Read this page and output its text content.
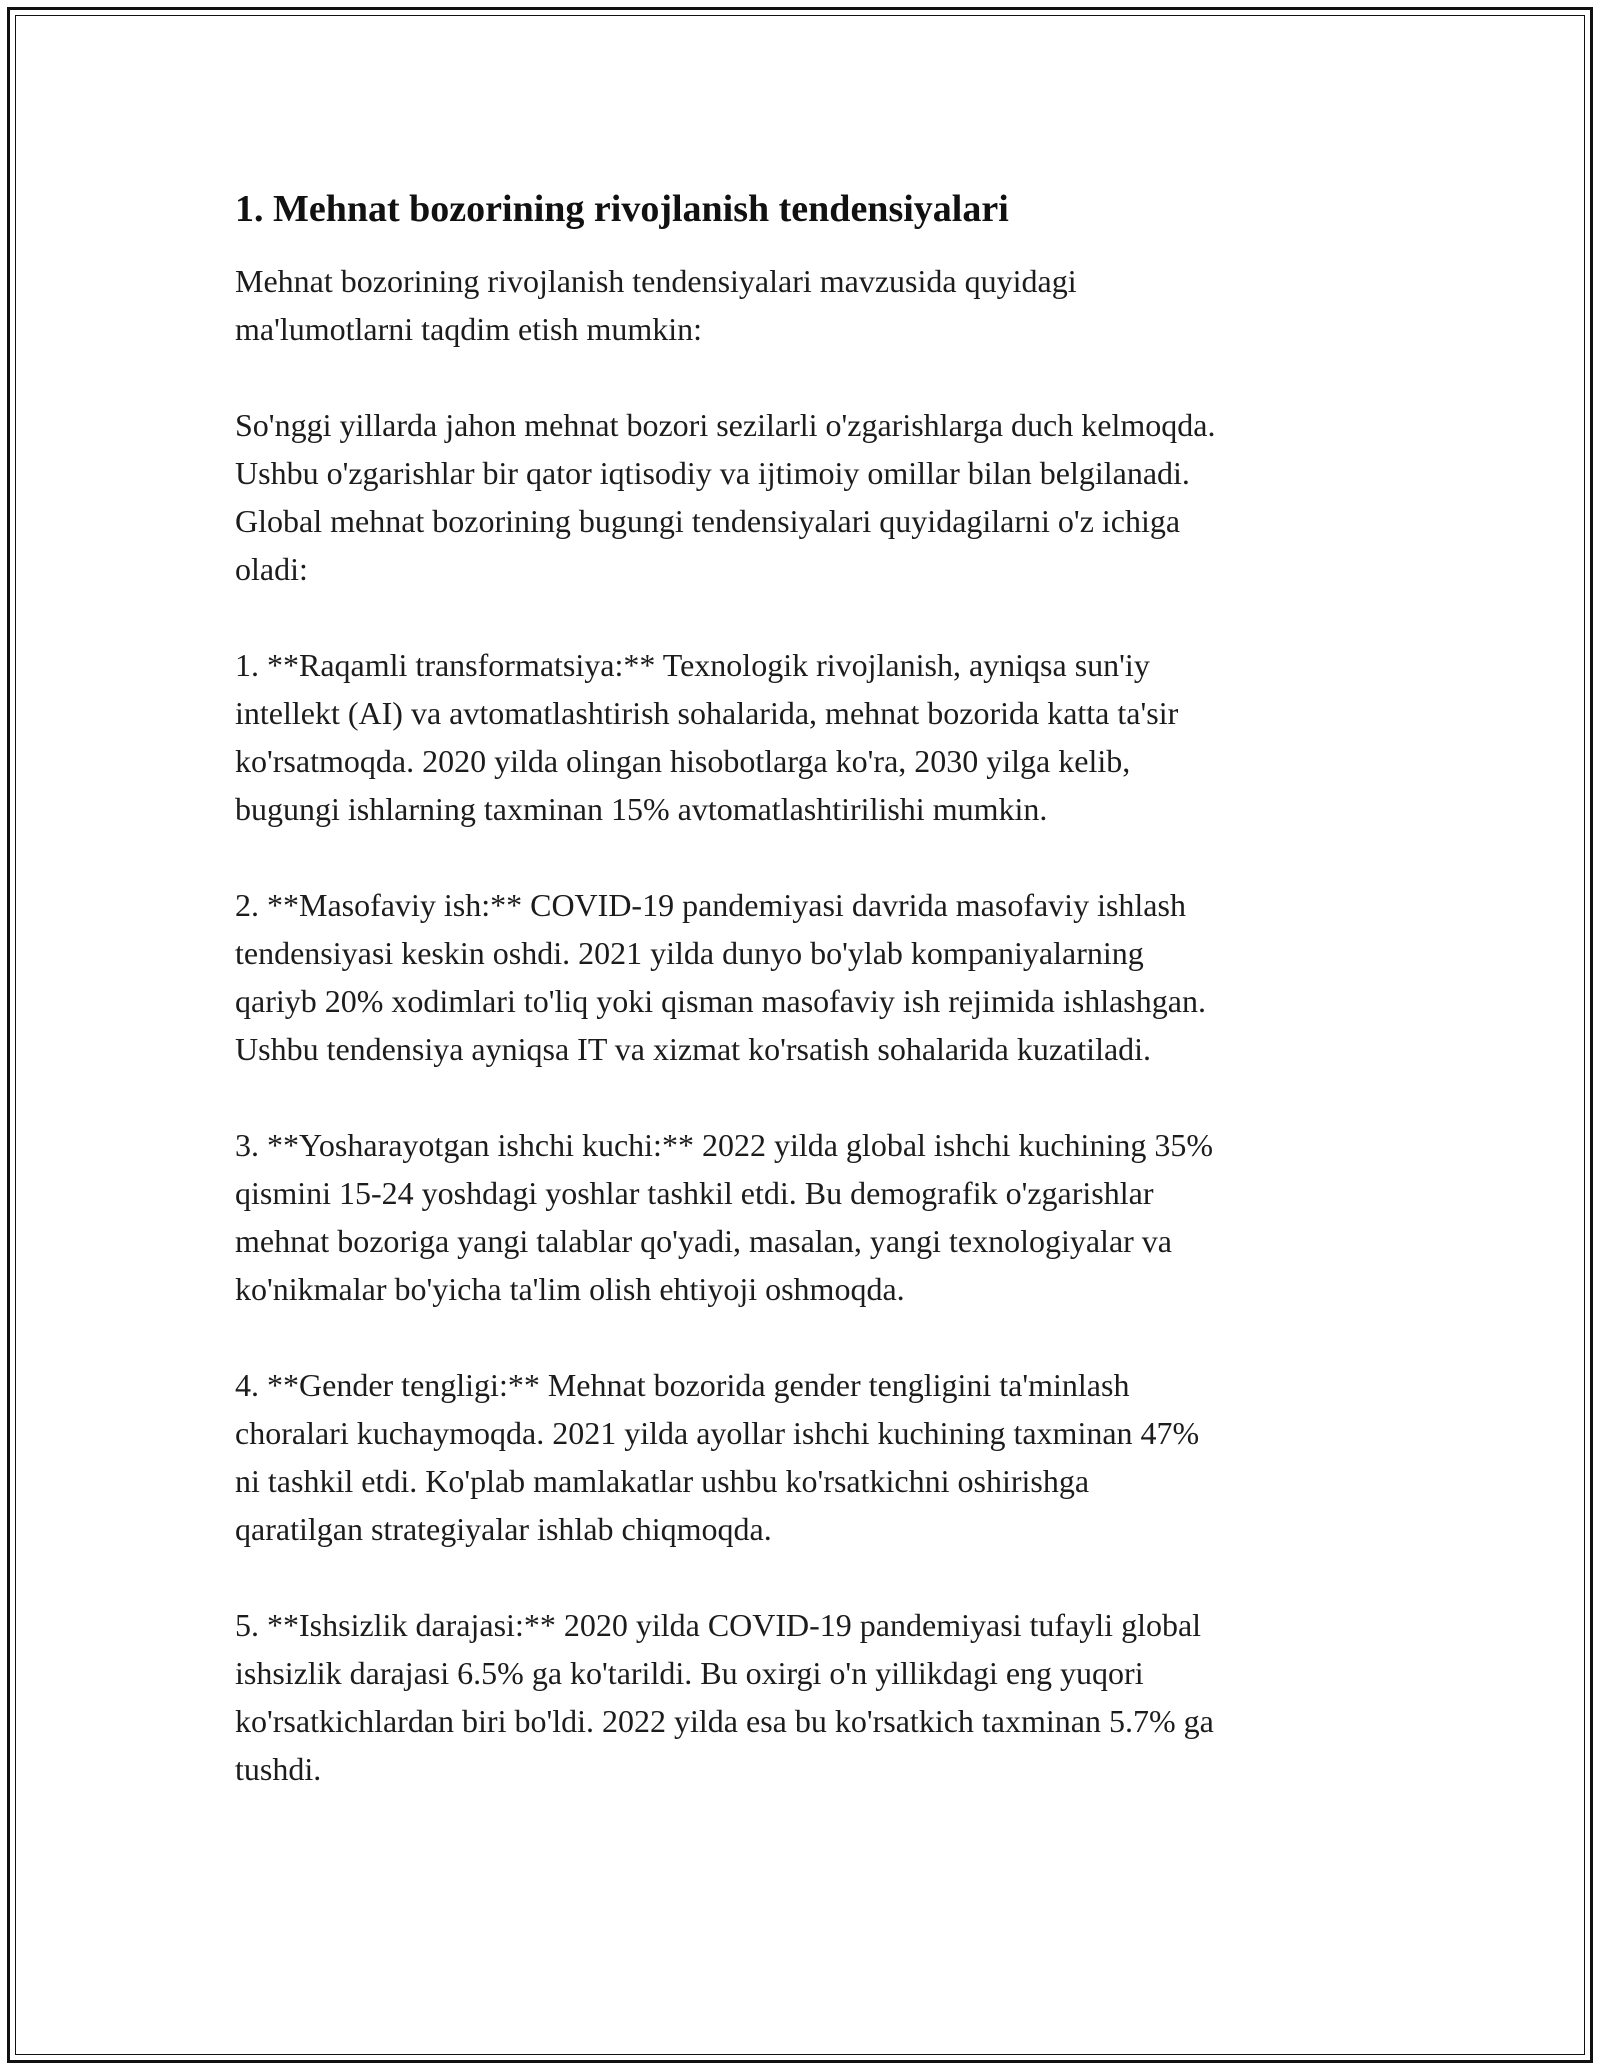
1. Mehnat bozorining rivojlanish tendensiyalari

Mehnat bozorining rivojlanish tendensiyalari mavzusida quyidagi
ma'lumotlarni taqdim etish mumkin:

So'nggi yillarda jahon mehnat bozori sezilarli o'zgarishlarga duch kelmoqda.
Ushbu o'zgarishlar bir qator iqtisodiy va ijtimoiy omillar bilan belgilanadi.
Global mehnat bozorining bugungi tendensiyalari quyidagilarni o'z ichiga
oladi:

1. **Raqamli transformatsiya:** Texnologik rivojlanish, ayniqsa sun'iy
intellekt (AI) va avtomatlashtirish sohalarida, mehnat bozorida katta ta'sir
ko'rsatmoqda. 2020 yilda olingan hisobotlarga ko'ra, 2030 yilga kelib,
bugungi ishlarning taxminan 15% avtomatlashtirilishi mumkin.

2. **Masofaviy ish:** COVID-19 pandemiyasi davrida masofaviy ishlash
tendensiyasi keskin oshdi. 2021 yilda dunyo bo'ylab kompaniyalarning
qariyb 20% xodimlari to'liq yoki qisman masofaviy ish rejimida ishlashgan.
Ushbu tendensiya ayniqsa IT va xizmat ko'rsatish sohalarida kuzatiladi.

3. **Yosharayotgan ishchi kuchi:** 2022 yilda global ishchi kuchining 35%
qismini 15-24 yoshdagi yoshlar tashkil etdi. Bu demografik o'zgarishlar
mehnat bozoriga yangi talablar qo'yadi, masalan, yangi texnologiyalar va
ko'nikmalar bo'yicha ta'lim olish ehtiyoji oshmoqda.

4. **Gender tengligi:** Mehnat bozorida gender tengligini ta'minlash
choralari kuchaymoqda. 2021 yilda ayollar ishchi kuchining taxminan 47%
ni tashkil etdi. Ko'plab mamlakatlar ushbu ko'rsatkichni oshirishga
qaratilgan strategiyalar ishlab chiqmoqda.

5. **Ishsizlik darajasi:** 2020 yilda COVID-19 pandemiyasi tufayli global
ishsizlik darajasi 6.5% ga ko'tarildi. Bu oxirgi o'n yillikdagi eng yuqori
ko'rsatkichlardan biri bo'ldi. 2022 yilda esa bu ko'rsatkich taxminan 5.7% ga
tushdi.
